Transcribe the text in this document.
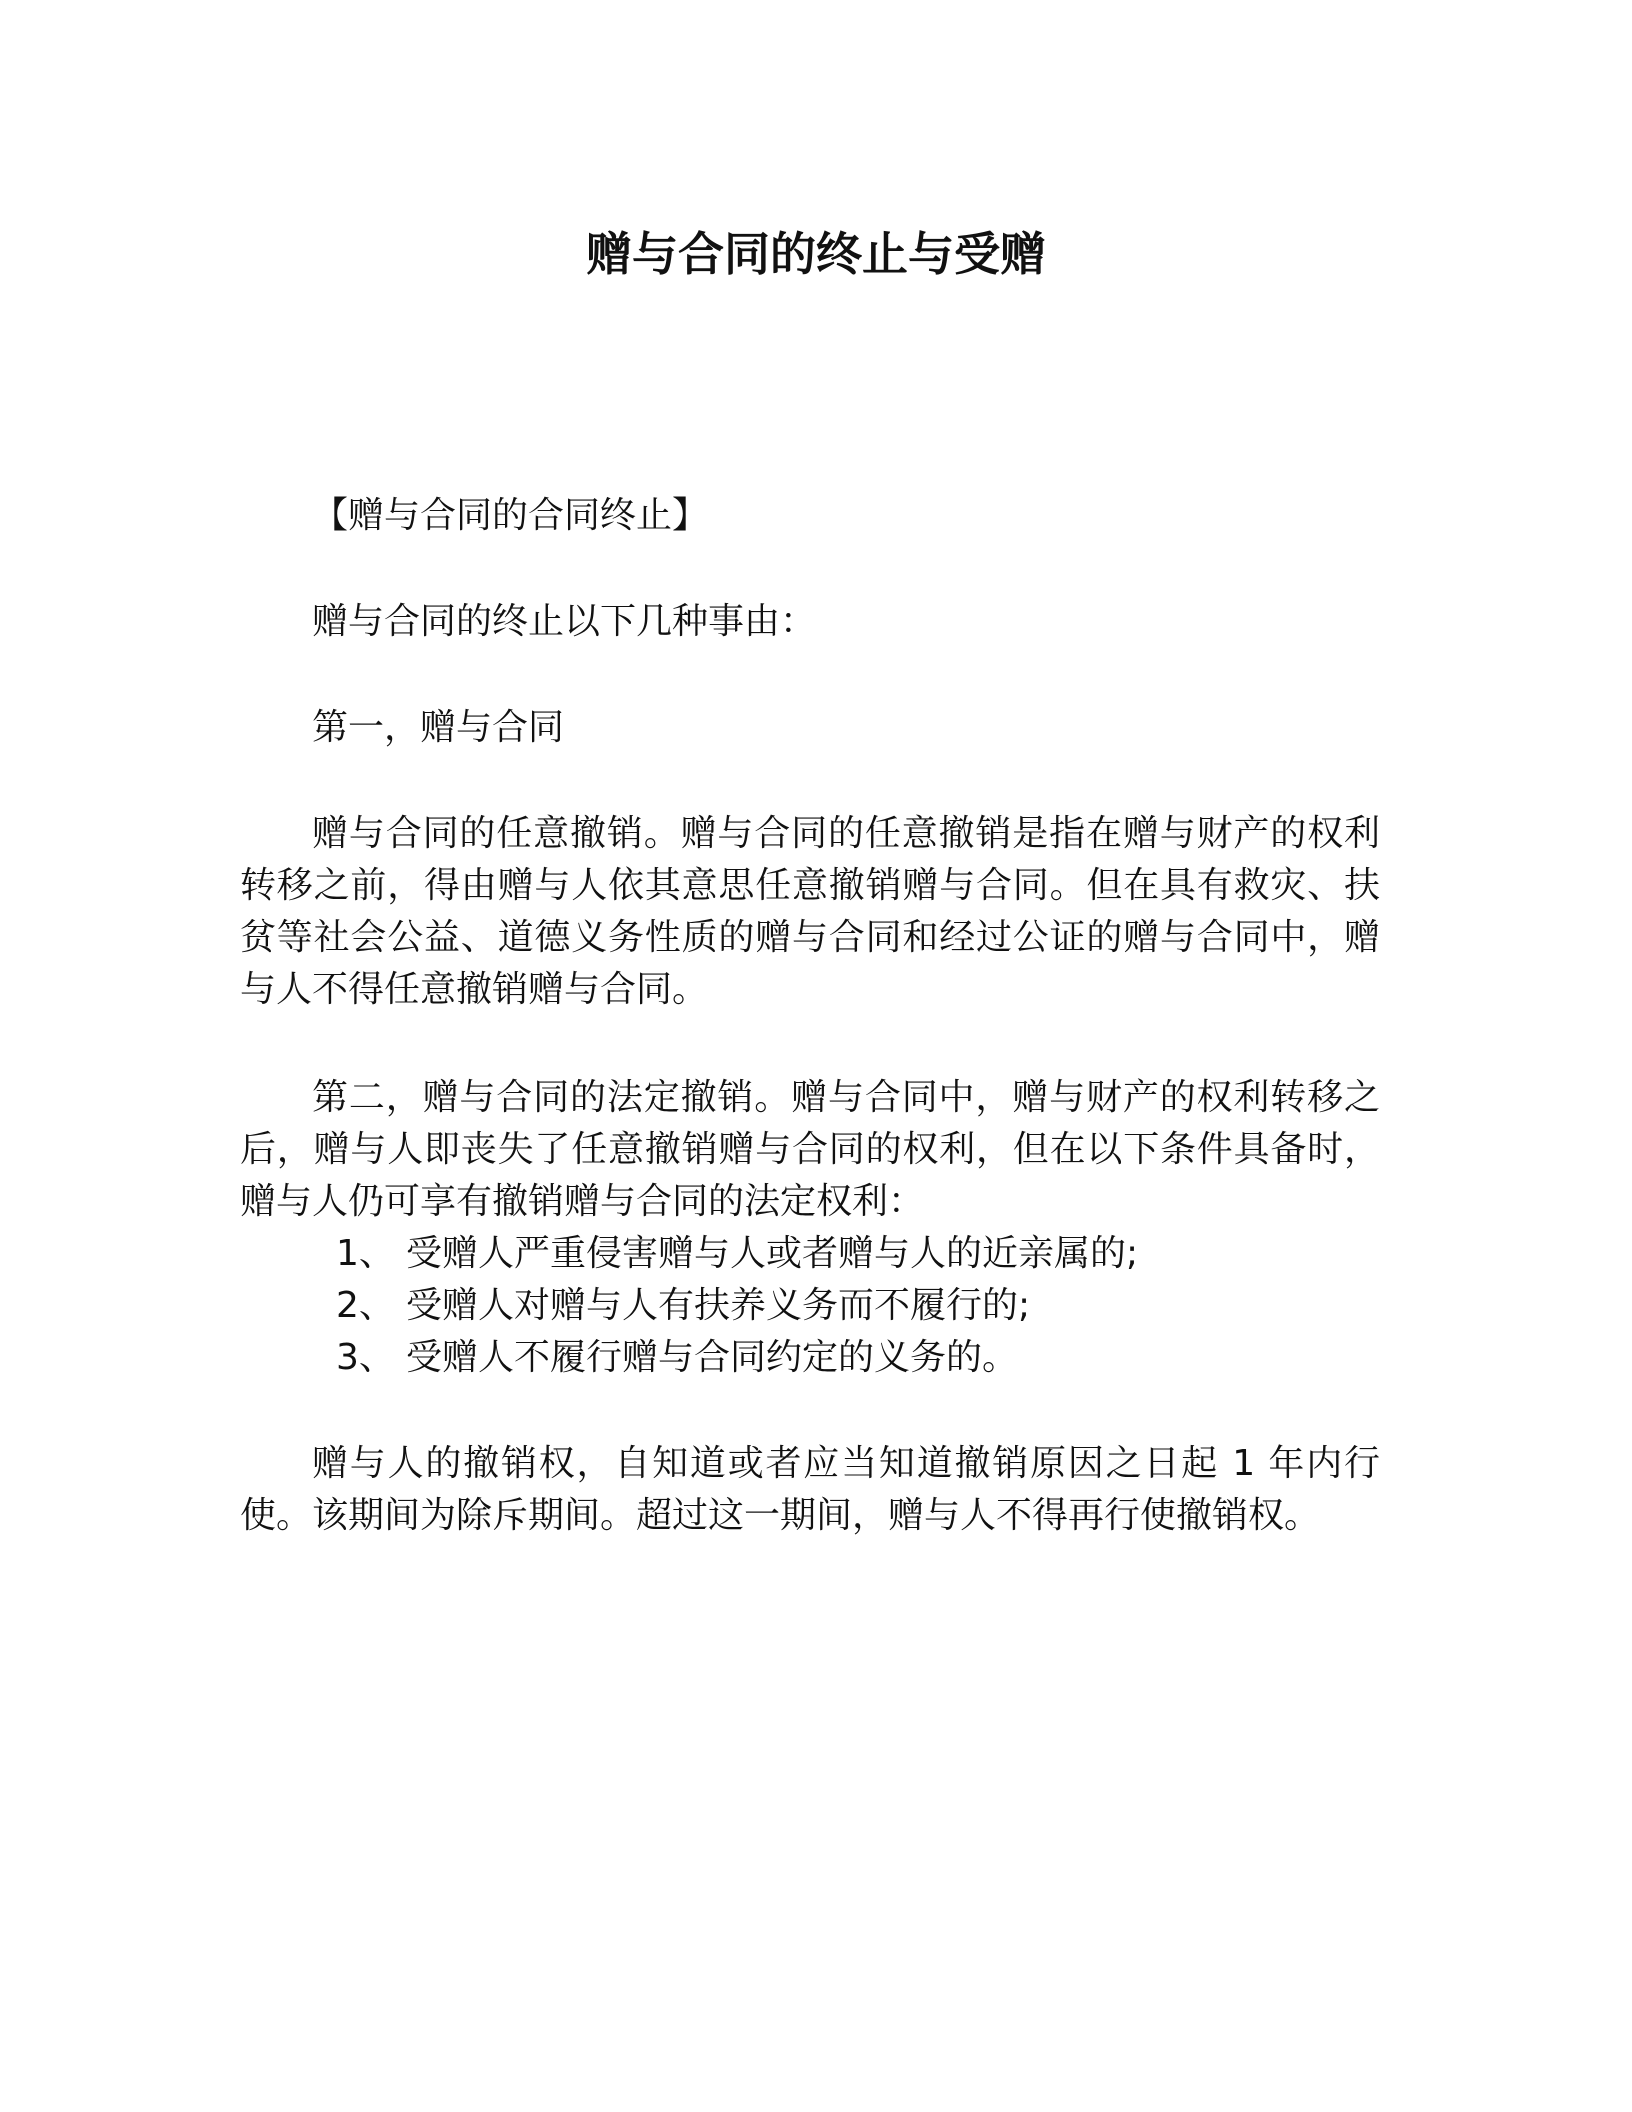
赠与合同的终止与受赠

【赠与合同的合同终止】

赠与合同的终止以下几种事由：

第一，赠与合同

赠与合同的任意撤销。赠与合同的任意撤销是指在赠与财产的权利转移之前，得由赠与人依其意思任意撤销赠与合同。但在具有救灾、扶贫等社会公益、道德义务性质的赠与合同和经过公证的赠与合同中，赠与人不得任意撤销赠与合同。

第二，赠与合同的法定撤销。赠与合同中，赠与财产的权利转移之后，赠与人即丧失了任意撤销赠与合同的权利，但在以下条件具备时，赠与人仍可享有撤销赠与合同的法定权利：

1、 受赠人严重侵害赠与人或者赠与人的近亲属的;

2、 受赠人对赠与人有扶养义务而不履行的;

3、 受赠人不履行赠与合同约定的义务的。

赠与人的撤销权，自知道或者应当知道撤销原因之日起 1 年内行使。该期间为除斥期间。超过这一期间，赠与人不得再行使撤销权。
